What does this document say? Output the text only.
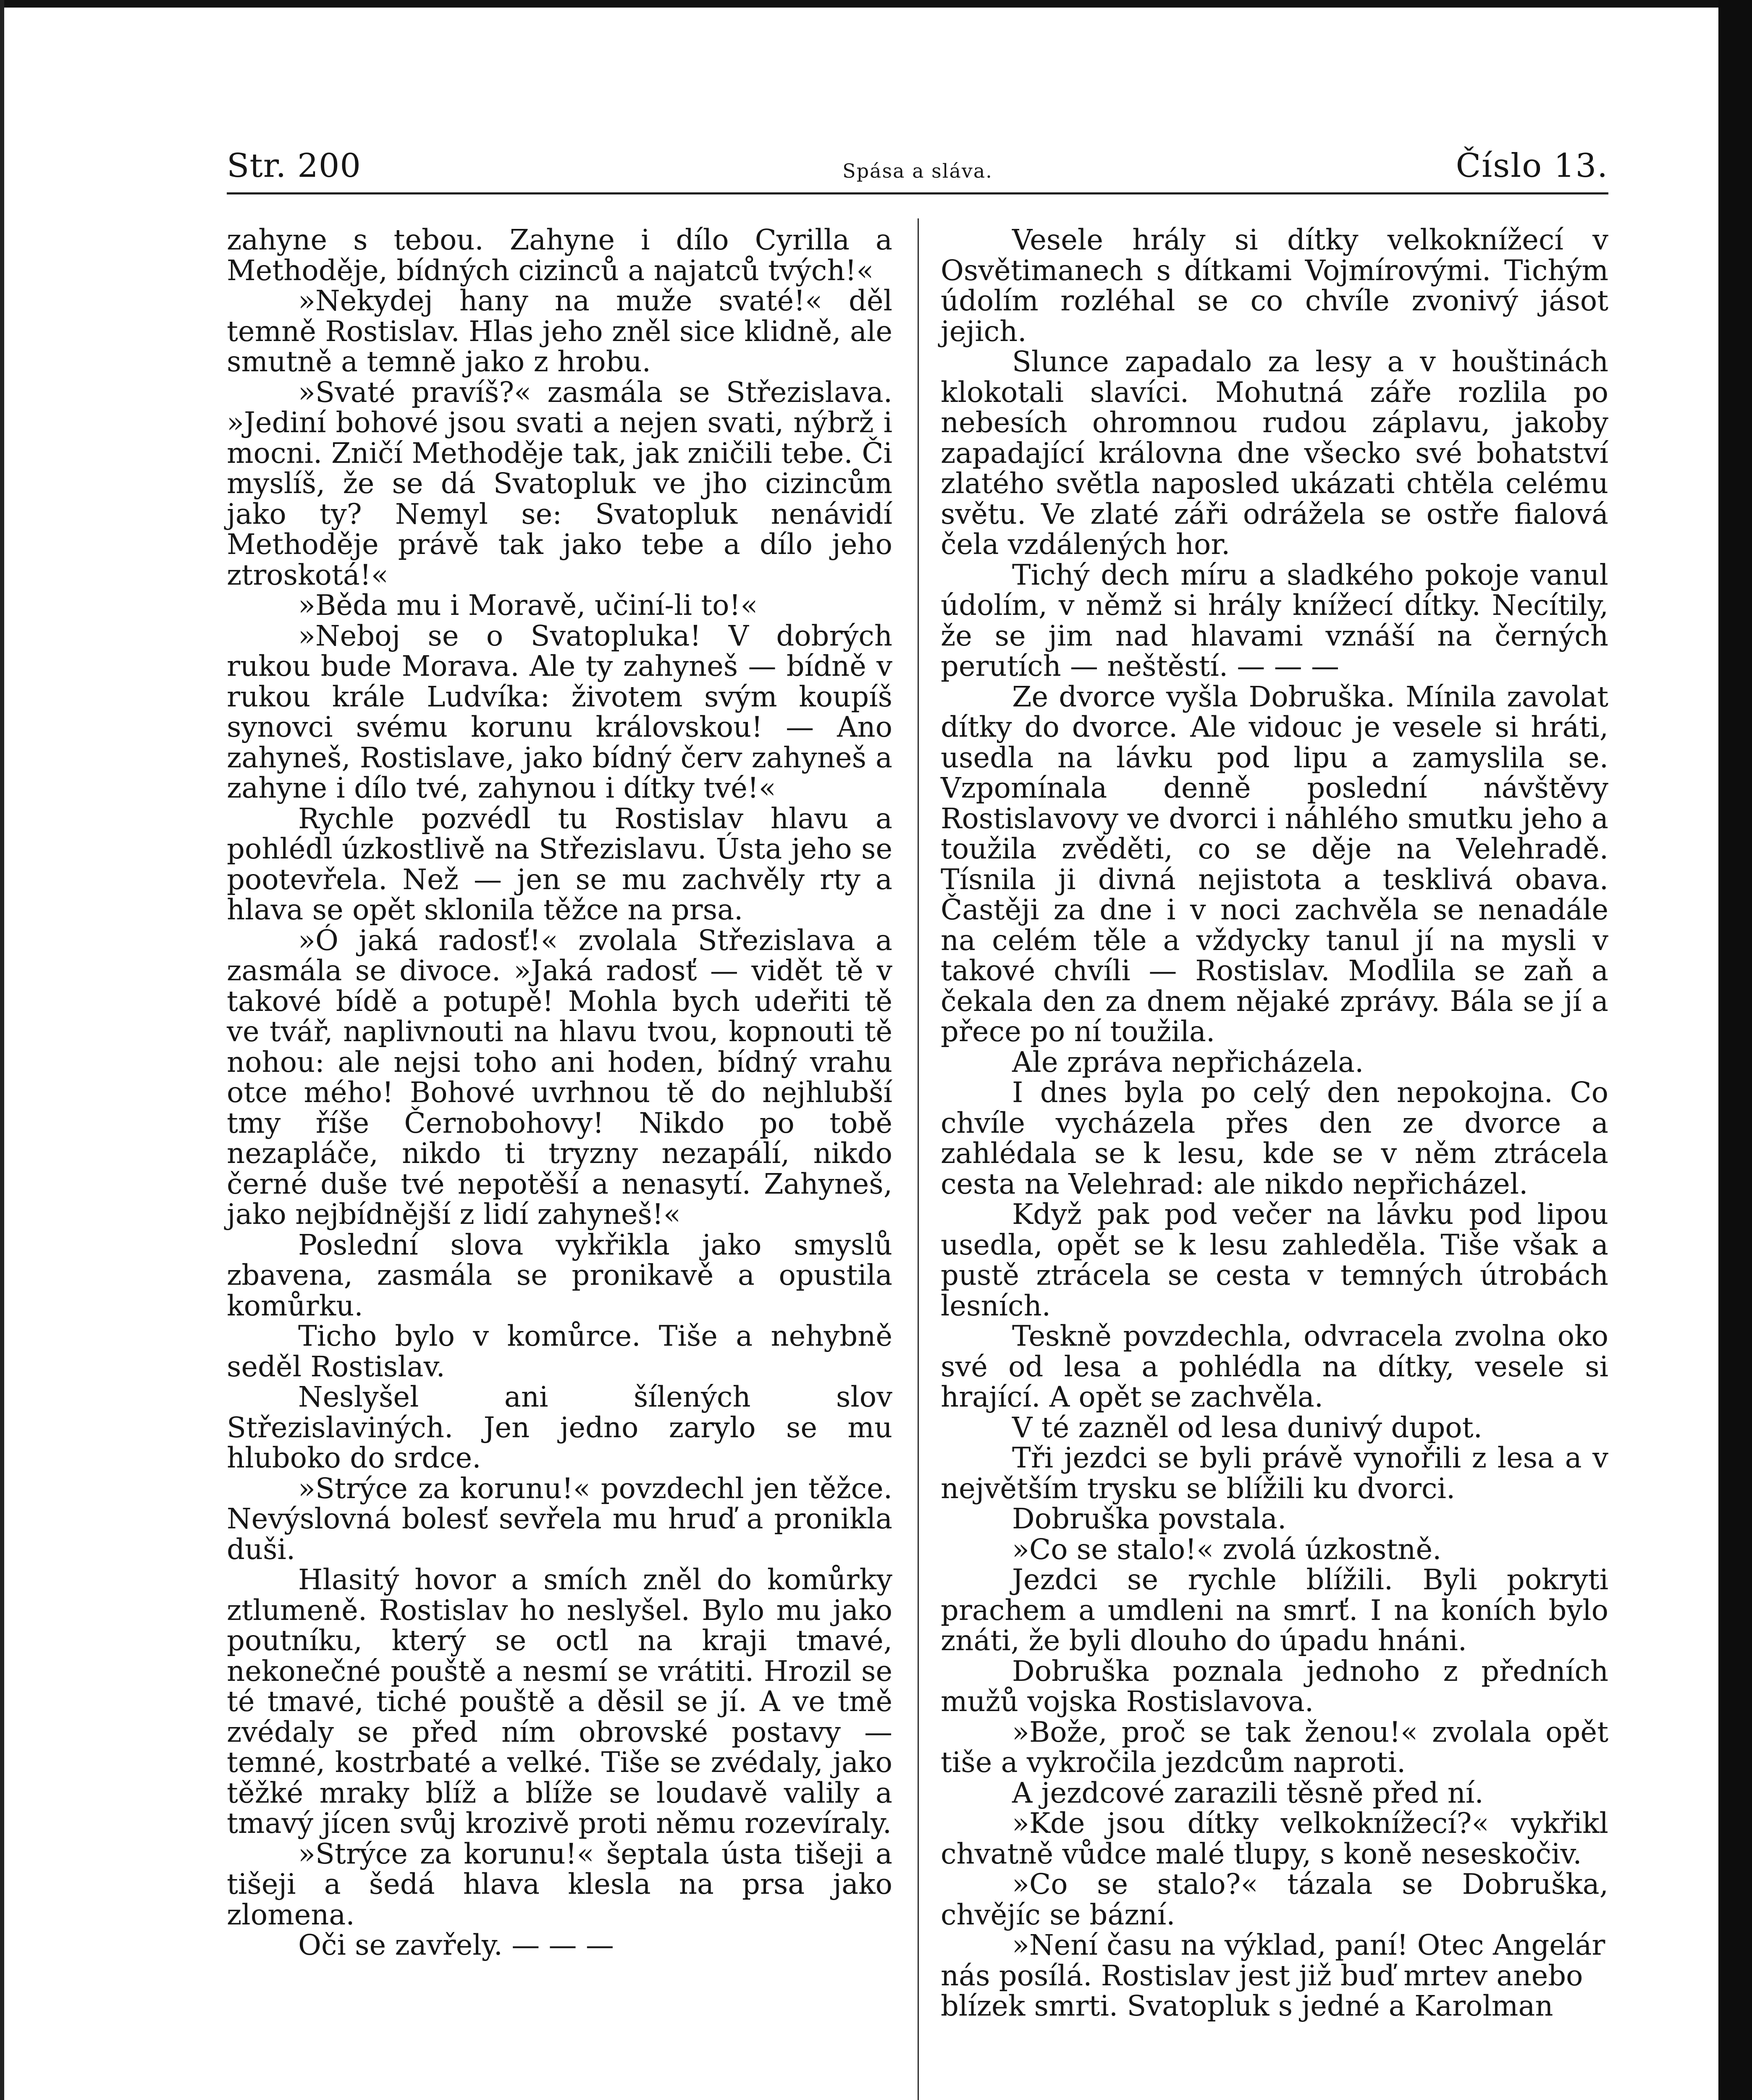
Str. 200	Spása a sláva.	Číslo 13.

zahyne s tebou. Zahyne i dílo Cyrilla a Methoděje, bídných cizinců a najatců tvých!«

»Nekydej hany na muže svaté!« děl temně Rostislav. Hlas jeho zněl sice klidně, ale smutně a temně jako z hrobu.

»Svaté pravíš?« zasmála se Střezislava. »Jediní bohové jsou svati a nejen svati, nýbrž i mocni. Zničí Methoděje tak, jak zničili tebe. Či myslíš, že se dá Svatopluk ve jho cizincům jako ty? Nemyl se: Svatopluk nenávidí Methoděje právě tak jako tebe a dílo jeho ztroskotá!«

»Běda mu i Moravě, učiní-li to!«

»Neboj se o Svatopluka! V dobrých rukou bude Morava. Ale ty zahyneš — bídně v rukou krále Ludvíka: životem svým koupíš synovci svému korunu královskou! — Ano zahyneš, Rostislave, jako bídný červ zahyneš a zahyne i dílo tvé, zahynou i dítky tvé!«

Rychle pozvédl tu Rostislav hlavu a pohlédl úzkostlivě na Střezislavu. Ústa jeho se pootevřela. Než — jen se mu zachvěly rty a hlava se opět sklonila těžce na prsa.

»Ó jaká radosť!« zvolala Střezislava a zasmála se divoce. »Jaká radosť — vidět tě v takové bídě a potupě! Mohla bych udeřiti tě ve tvář, naplivnouti na hlavu tvou, kopnouti tě nohou: ale nejsi toho ani hoden, bídný vrahu otce mého! Bohové uvrhnou tě do nejhlubší tmy říše Černobohovy! Nikdo po tobě nezapláče, nikdo ti tryzny nezapálí, nikdo černé duše tvé nepotěší a nenasytí. Zahyneš, jako nejbídnější z lidí zahyneš!«

Poslední slova vykřikla jako smyslů zbavena, zasmála se pronikavě a opustila komůrku.

Ticho bylo v komůrce. Tiše a nehybně seděl Rostislav.

Neslyšel ani šílených slov Střezislaviných. Jen jedno zarylo se mu hluboko do srdce.

»Strýce za korunu!« povzdechl jen těžce. Nevýslovná bolesť sevřela mu hruď a pronikla duši.

Hlasitý hovor a smích zněl do komůrky ztlumeně. Rostislav ho neslyšel. Bylo mu jako poutníku, který se octl na kraji tmavé, nekonečné pouště a nesmí se vrátiti. Hrozil se té tmavé, tiché pouště a děsil se jí. A ve tmě zvédaly se před ním obrovské postavy — temné, kostrbaté a velké. Tiše se zvédaly, jako těžké mraky blíž a blíže se loudavě valily a tmavý jícen svůj krozivě proti němu rozevíraly.

»Strýce za korunu!« šeptala ústa tišeji a tišeji a šedá hlava klesla na prsa jako zlomena.

Oči se zavřely. — — —

Vesele hrály si dítky velkoknížecí v Osvětimanech s dítkami Vojmírovými. Tichým údolím rozléhal se co chvíle zvonivý jásot jejich.

Slunce zapadalo za lesy a v houštinách klokotali slavíci. Mohutná záře rozlila po nebesích ohromnou rudou záplavu, jakoby zapadající královna dne všecko své bohatství zlatého světla naposled ukázati chtěla celému světu. Ve zlaté záři odrážela se ostře fialová čela vzdálených hor.

Tichý dech míru a sladkého pokoje vanul údolím, v němž si hrály knížecí dítky. Necítily, že se jim nad hlavami vznáší na černých perutích — neštěstí. — — —

Ze dvorce vyšla Dobruška. Mínila zavolat dítky do dvorce. Ale vidouc je vesele si hráti, usedla na lávku pod lipu a zamyslila se. Vzpomínala denně poslední návštěvy Rostislavovy ve dvorci i náhlého smutku jeho a toužila zvěděti, co se děje na Velehradě. Tísnila ji divná nejistota a tesklivá obava. Častěji za dne i v noci zachvěla se nenadále na celém těle a vždycky tanul jí na mysli v takové chvíli — Rostislav. Modlila se zaň a čekala den za dnem nějaké zprávy. Bála se jí a přece po ní toužila.

Ale zpráva nepřicházela.

I dnes byla po celý den nepokojna. Co chvíle vycházela přes den ze dvorce a zahlédala se k lesu, kde se v něm ztrácela cesta na Velehrad: ale nikdo nepřicházel.

Když pak pod večer na lávku pod lipou usedla, opět se k lesu zahleděla. Tiše však a pustě ztrácela se cesta v temných útrobách lesních.

Teskně povzdechla, odvracela zvolna oko své od lesa a pohlédla na dítky, vesele si hrající. A opět se zachvěla.

V té zazněl od lesa dunivý dupot.

Tři jezdci se byli právě vynořili z lesa a v největším trysku se blížili ku dvorci.

Dobruška povstala.

»Co se stalo!« zvolá úzkostně.

Jezdci se rychle blížili. Byli pokryti prachem a umdleni na smrť. I na koních bylo znáti, že byli dlouho do úpadu hnáni.

Dobruška poznala jednoho z předních mužů vojska Rostislavova.

»Bože, proč se tak ženou!« zvolala opět tiše a vykročila jezdcům naproti.

A jezdcové zarazili těsně před ní.

»Kde jsou dítky velkoknížecí?« vykřikl chvatně vůdce malé tlupy, s koně neseskočiv.

»Co se stalo?« tázala se Dobruška, chvějíc se bázní.

»Není času na výklad, paní! Otec Angelár nás posílá. Rostislav jest již buď mrtev anebo blízek smrti. Svatopluk s jedné a Karolman
